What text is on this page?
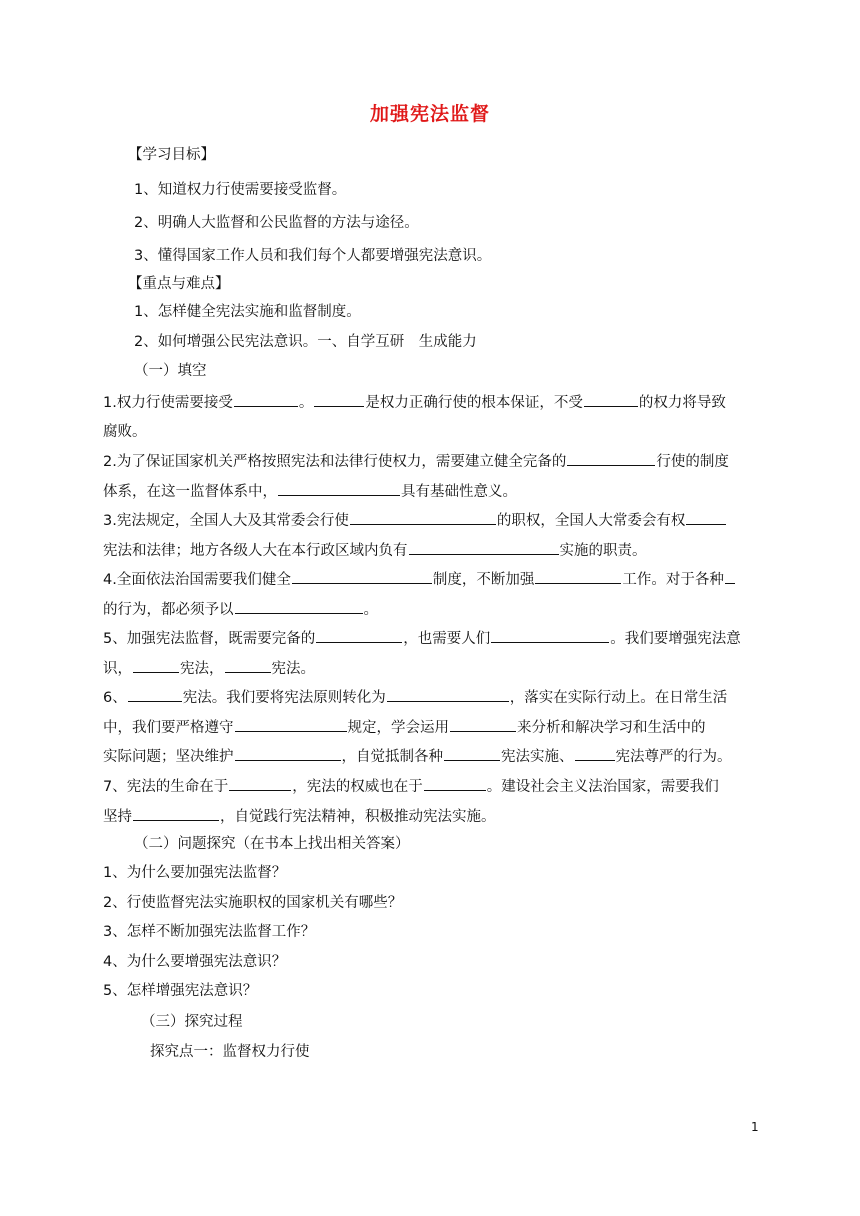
加强宪法监督
【学习目标】
1、知道权力行使需要接受监督。
2、明确人大监督和公民监督的方法与途径。
3、懂得国家工作人员和我们每个人都要增强宪法意识。
【重点与难点】
1、怎样健全宪法实施和监督制度。
2、如何增强公民宪法意识。一、自学互研　生成能力
（一）填空
1.权力行使需要接受	。	是权力正确行使的根本保证，不受	的权力将导致
腐败。
2.为了保证国家机关严格按照宪法和法律行使权力，需要建立健全完备的	行使的制度
体系，在这一监督体系中，	具有基础性意义。
3.宪法规定，全国人大及其常委会行使	的职权，全国人大常委会有权
宪法和法律；地方各级人大在本行政区域内负有	实施的职责。
4.全面依法治国需要我们健全	制度，不断加强	工作。对于各种
的行为，都必须予以	。
5、加强宪法监督，既需要完备的	，也需要人们	。我们要增强宪法意
识，	宪法，	宪法。
6、	宪法。我们要将宪法原则转化为	，落实在实际行动上。在日常生活
中，我们要严格遵守	规定，学会运用	来分析和解决学习和生活中的
实际问题；坚决维护	，自觉抵制各种	宪法实施、	宪法尊严的行为。
7、宪法的生命在于	，宪法的权威也在于	。建设社会主义法治国家，需要我们
坚持	，自觉践行宪法精神，积极推动宪法实施。
（二）问题探究（在书本上找出相关答案）
1、为什么要加强宪法监督？
2、行使监督宪法实施职权的国家机关有哪些？
3、怎样不断加强宪法监督工作？
4、为什么要增强宪法意识？
5、怎样增强宪法意识？
（三）探究过程
探究点一：监督权力行使
1
